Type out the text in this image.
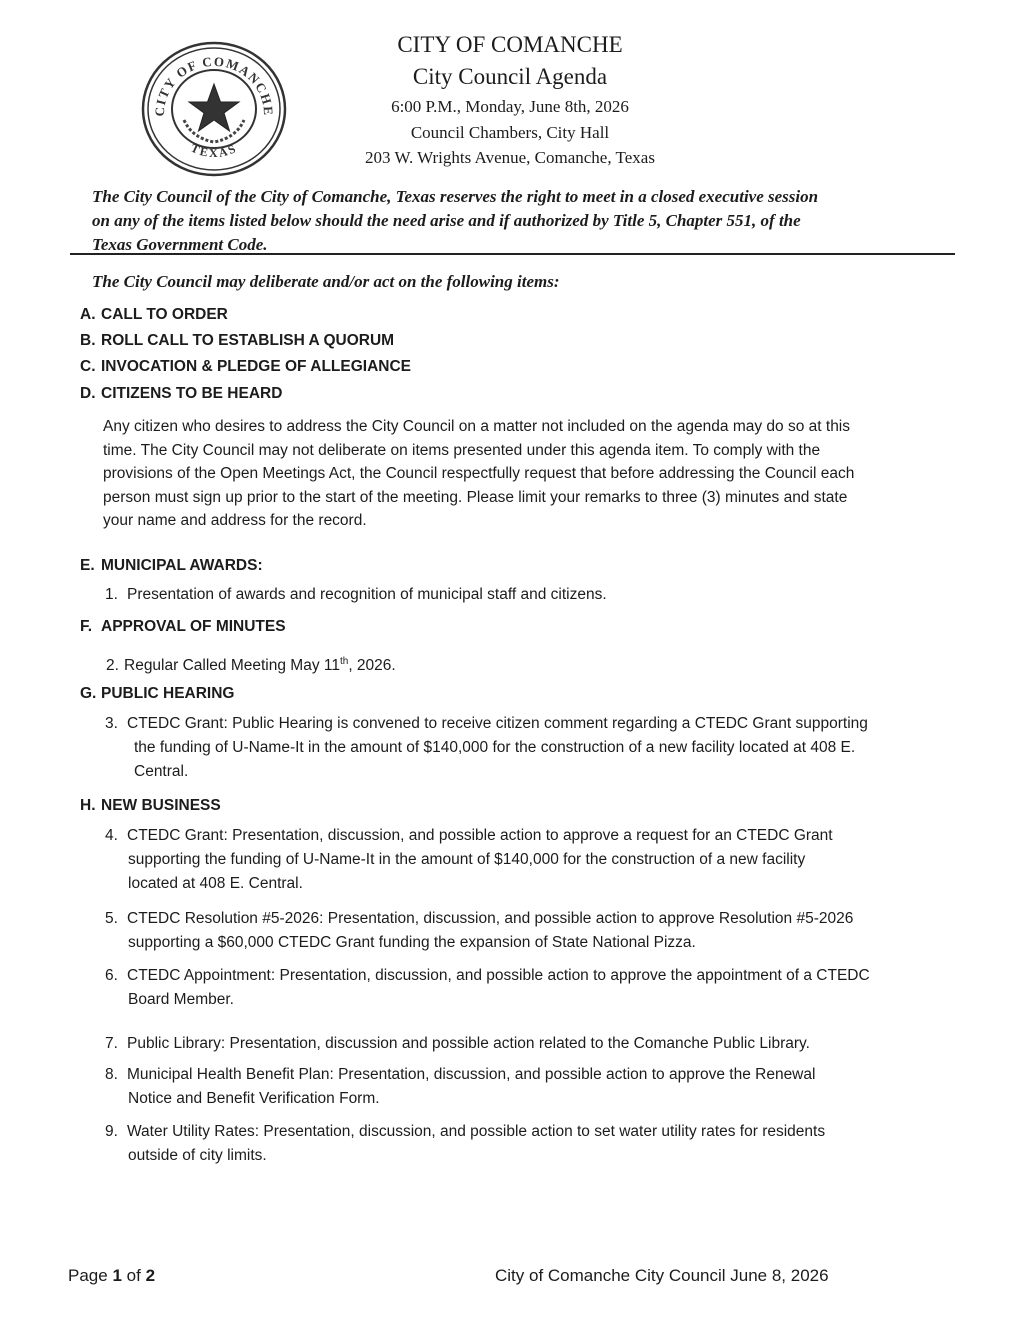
CITY OF COMANCHE
TEXAS
CITY OF COMANCHE
City Council Agenda
6:00 P.M., Monday, June 8th, 2026
Council Chambers, City Hall
203 W. Wrights Avenue, Comanche, Texas
The City Council of the City of Comanche, Texas reserves the right to meet in a closed executive session
on any of the items listed below should the need arise and if authorized by Title 5, Chapter 551, of the
Texas Government Code.
The City Council may deliberate and/or act on the following items:
A. CALL TO ORDER
B. ROLL CALL TO ESTABLISH A QUORUM
C. INVOCATION & PLEDGE OF ALLEGIANCE
D. CITIZENS TO BE HEARD
Any citizen who desires to address the City Council on a matter not included on the agenda may do so at this
time. The City Council may not deliberate on items presented under this agenda item. To comply with the
provisions of the Open Meetings Act, the Council respectfully request that before addressing the Council each
person must sign up prior to the start of the meeting. Please limit your remarks to three (3) minutes and state
your name and address for the record.
E. MUNICIPAL AWARDS:
1. Presentation of awards and recognition of municipal staff and citizens.
F. APPROVAL OF MINUTES
2. Regular Called Meeting May 11th, 2026.
G. PUBLIC HEARING
3. CTEDC Grant: Public Hearing is convened to receive citizen comment regarding a CTEDC Grant supporting
the funding of U-Name-It in the amount of $140,000 for the construction of a new facility located at 408 E.
Central.
H. NEW BUSINESS
4. CTEDC Grant: Presentation, discussion, and possible action to approve a request for an CTEDC Grant
supporting the funding of U-Name-It in the amount of $140,000 for the construction of a new facility
located at 408 E. Central.
5. CTEDC Resolution #5-2026: Presentation, discussion, and possible action to approve Resolution #5-2026
supporting a $60,000 CTEDC Grant funding the expansion of State National Pizza.
6. CTEDC Appointment: Presentation, discussion, and possible action to approve the appointment of a CTEDC
Board Member.
7. Public Library: Presentation, discussion and possible action related to the Comanche Public Library.
8. Municipal Health Benefit Plan: Presentation, discussion, and possible action to approve the Renewal
Notice and Benefit Verification Form.
9. Water Utility Rates: Presentation, discussion, and possible action to set water utility rates for residents
outside of city limits.
Page 1 of 2	City of Comanche City Council June 8, 2026
